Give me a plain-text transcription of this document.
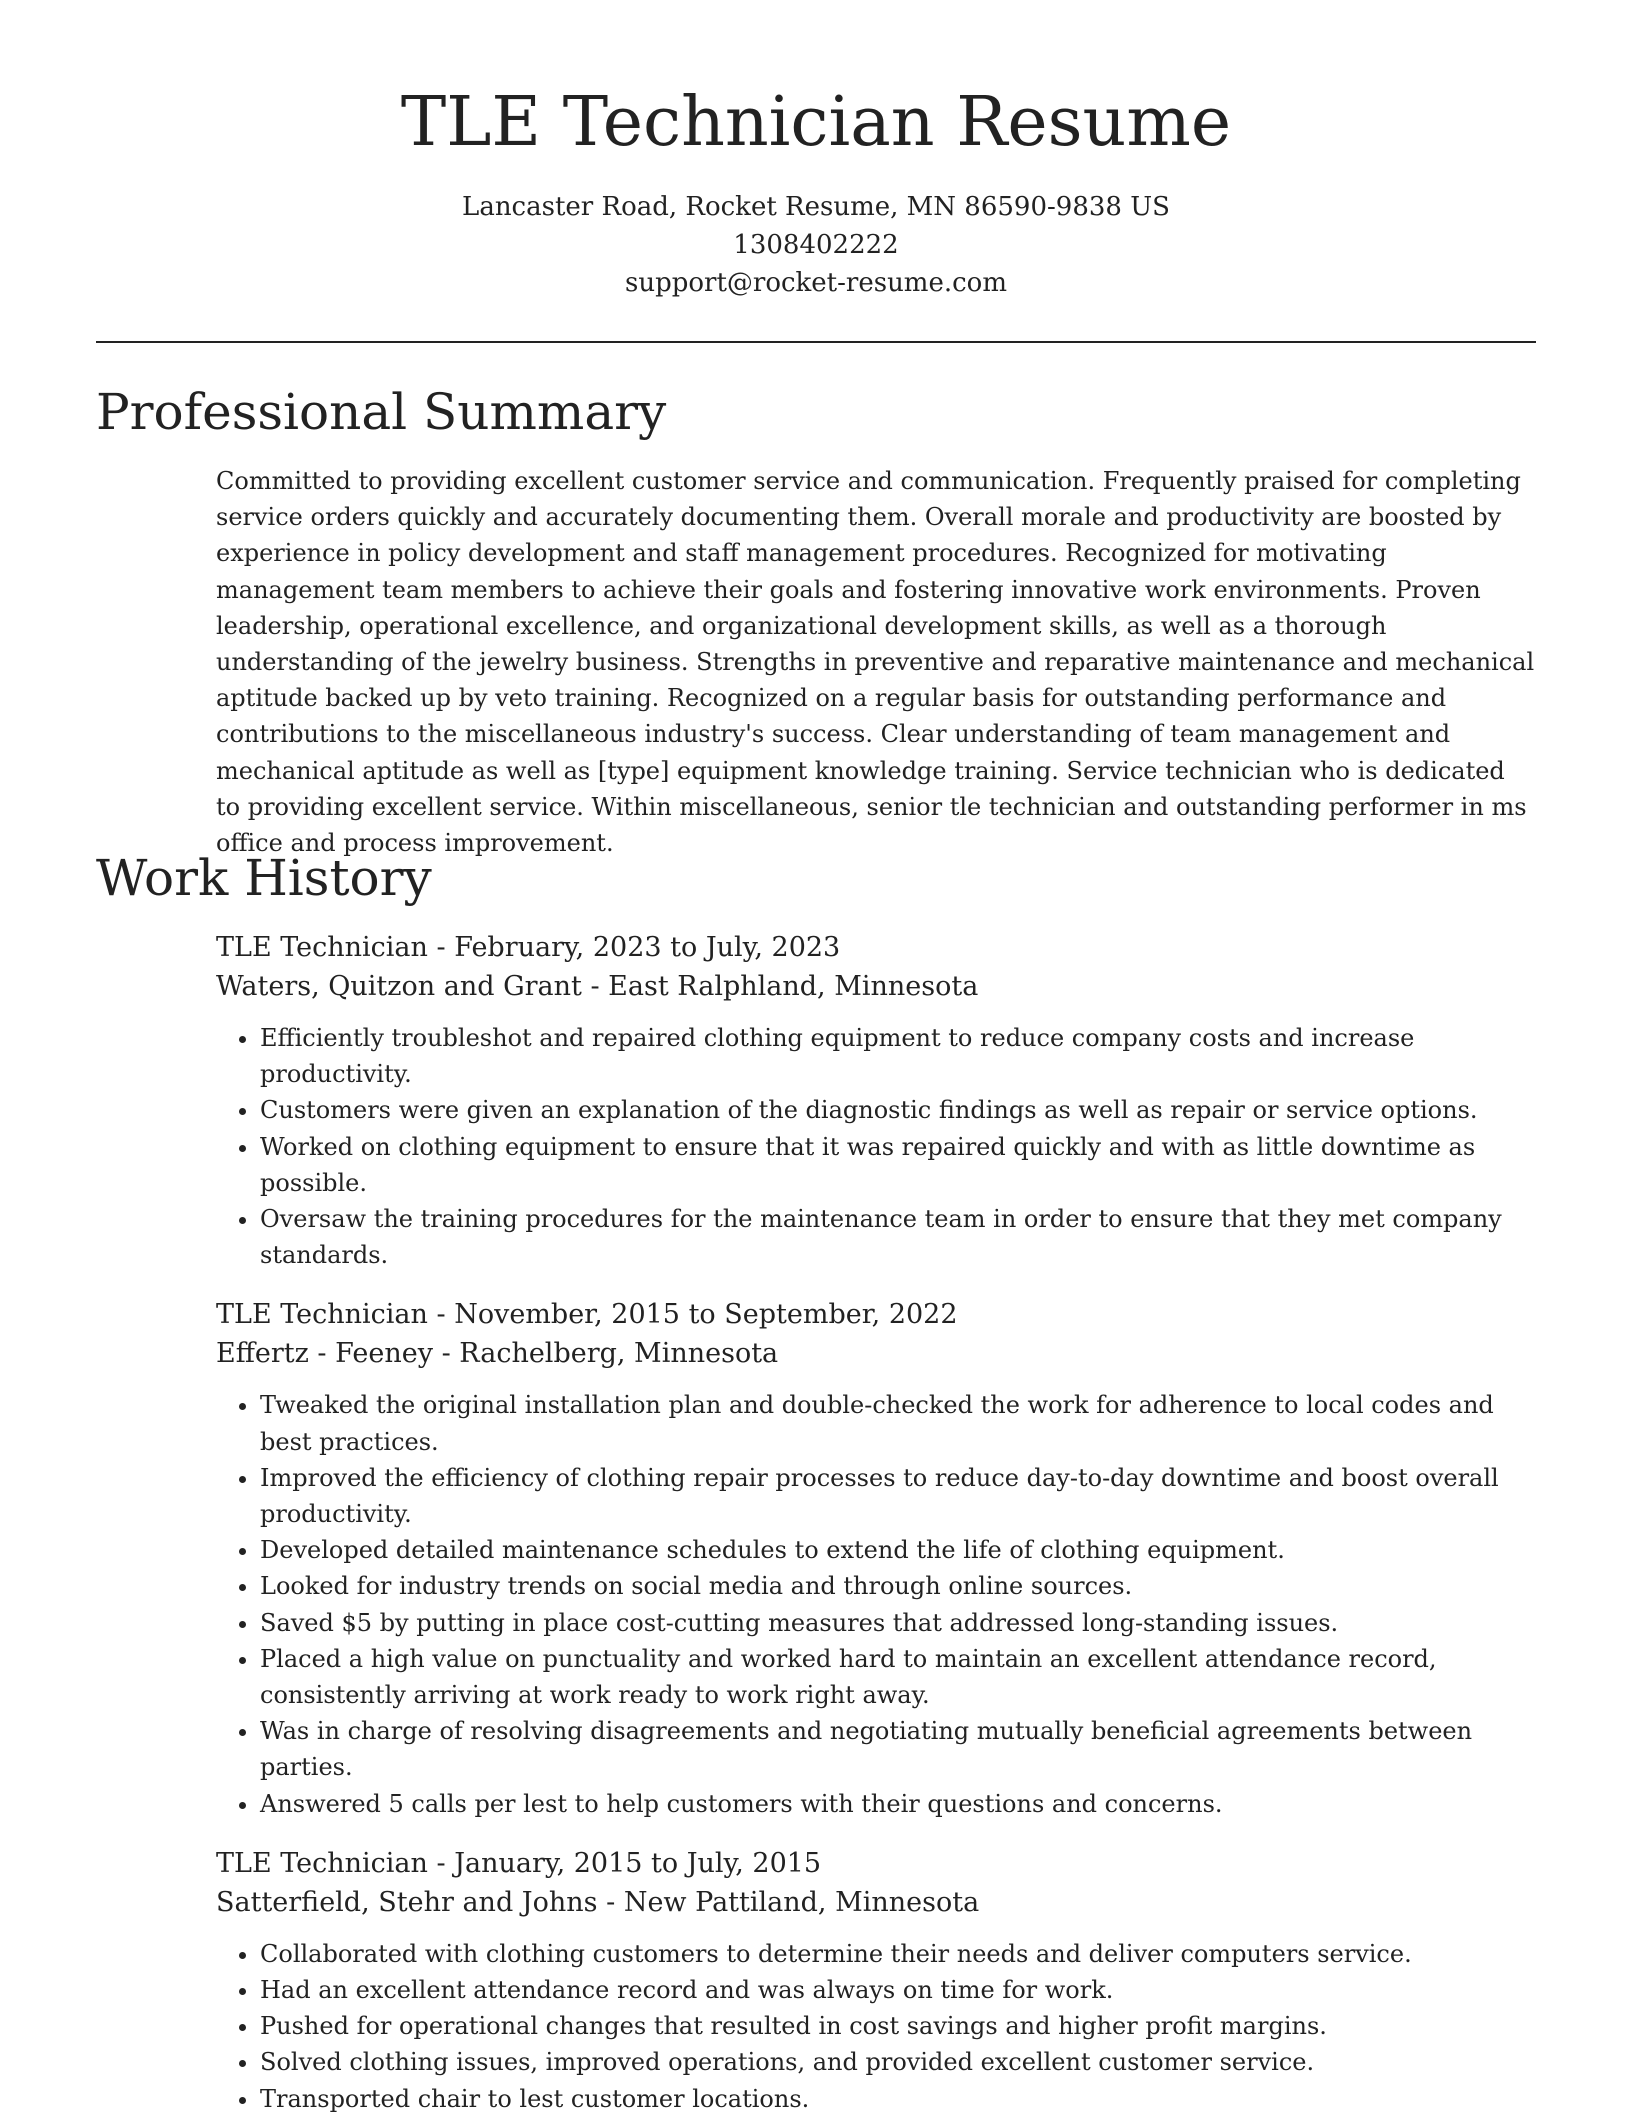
TLE Technician Resume
Lancaster Road, Rocket Resume, MN 86590-9838 US
1308402222
support@rocket-resume.com
Professional Summary

Committed to providing excellent customer service and communication. Frequently praised for completing service orders quickly and accurately documenting them. Overall morale and productivity are boosted by experience in policy development and staff management procedures. Recognized for motivating management team members to achieve their goals and fostering innovative work environments. Proven leadership, operational excellence, and organizational development skills, as well as a thorough understanding of the jewelry business. Strengths in preventive and reparative maintenance and mechanical aptitude backed up by veto training. Recognized on a regular basis for outstanding performance and contributions to the miscellaneous industry's success. Clear understanding of team management and mechanical aptitude as well as [type] equipment knowledge training. Service technician who is dedicated to providing excellent service. Within miscellaneous, senior tle technician and outstanding performer in ms office and process improvement.

Work History
TLE Technician - February, 2023 to July, 2023
Waters, Quitzon and Grant - East Ralphland, Minnesota
• Efficiently troubleshot and repaired clothing equipment to reduce company costs and increase productivity.
• Customers were given an explanation of the diagnostic findings as well as repair or service options.
• Worked on clothing equipment to ensure that it was repaired quickly and with as little downtime as possible.
• Oversaw the training procedures for the maintenance team in order to ensure that they met company standards.
TLE Technician - November, 2015 to September, 2022
Effertz - Feeney - Rachelberg, Minnesota
• Tweaked the original installation plan and double-checked the work for adherence to local codes and best practices.
• Improved the efficiency of clothing repair processes to reduce day-to-day downtime and boost overall productivity.
• Developed detailed maintenance schedules to extend the life of clothing equipment.
• Looked for industry trends on social media and through online sources.
• Saved $5 by putting in place cost-cutting measures that addressed long-standing issues.
• Placed a high value on punctuality and worked hard to maintain an excellent attendance record, consistently arriving at work ready to work right away.
• Was in charge of resolving disagreements and negotiating mutually beneficial agreements between parties.
• Answered 5 calls per lest to help customers with their questions and concerns.
TLE Technician - January, 2015 to July, 2015
Satterfield, Stehr and Johns - New Pattiland, Minnesota
• Collaborated with clothing customers to determine their needs and deliver computers service.
• Had an excellent attendance record and was always on time for work.
• Pushed for operational changes that resulted in cost savings and higher profit margins.
• Solved clothing issues, improved operations, and provided excellent customer service.
• Transported chair to lest customer locations.
